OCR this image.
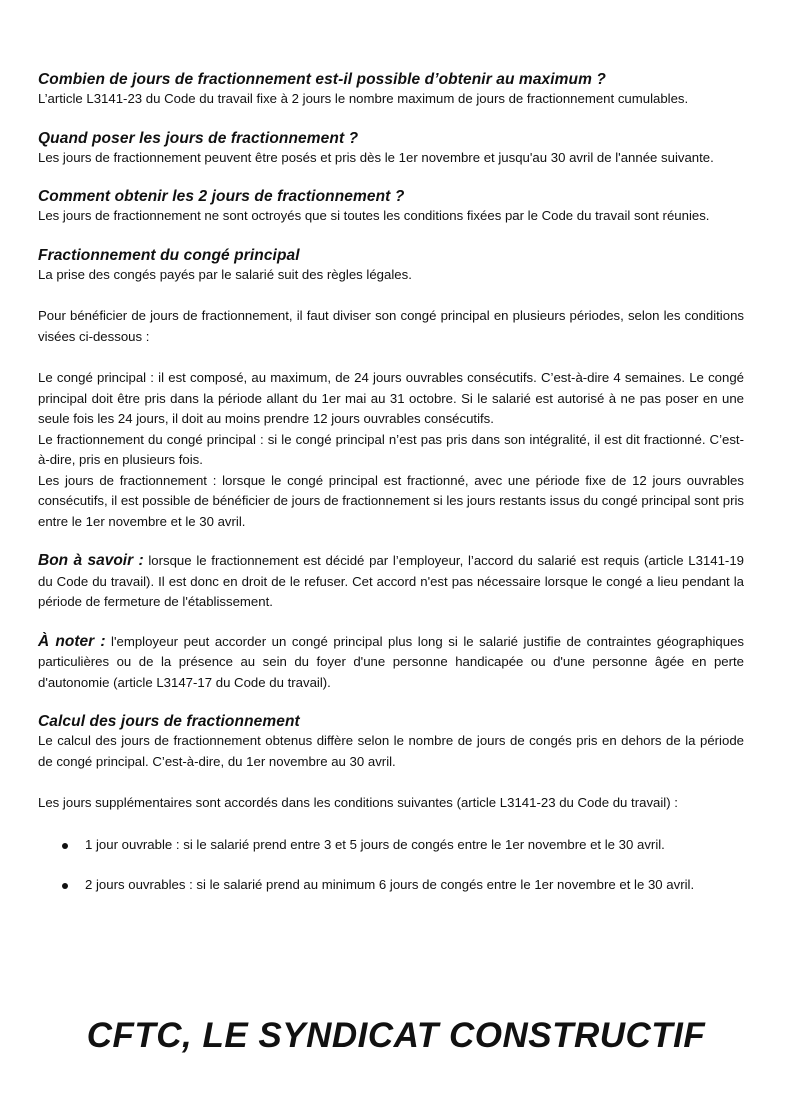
Combien de jours de fractionnement est-il possible d’obtenir au maximum ?

L’article L3141-23 du Code du travail fixe à 2 jours le nombre maximum de jours de fractionnement cumulables.

Quand poser les jours de fractionnement ?

Les jours de fractionnement peuvent être posés et pris dès le 1er novembre et jusqu'au 30 avril de l'année suivante.

Comment obtenir les 2 jours de fractionnement ?

Les jours de fractionnement ne sont octroyés que si toutes les conditions fixées par le Code du travail sont réunies.

Fractionnement du congé principal

La prise des congés payés par le salarié suit des règles légales.

Pour bénéficier de jours de fractionnement, il faut diviser son congé principal en plusieurs périodes, selon les conditions visées ci-dessous :

Le congé principal : il est composé, au maximum, de 24 jours ouvrables consécutifs. C’est-à-dire 4 semaines. Le congé principal doit être pris dans la période allant du 1er mai au 31 octobre. Si le salarié est autorisé à ne pas poser en une seule fois les 24 jours, il doit au moins prendre 12 jours ouvrables consécutifs.

Le fractionnement du congé principal : si le congé principal n’est pas pris dans son intégralité, il est dit fractionné. C’est-à-dire, pris en plusieurs fois.

Les jours de fractionnement : lorsque le congé principal est fractionné, avec une période fixe de 12 jours ouvrables consécutifs, il est possible de bénéficier de jours de fractionnement si les jours restants issus du congé principal sont pris entre le 1er novembre et le 30 avril.

Bon à savoir : lorsque le fractionnement est décidé par l’employeur, l’accord du salarié est requis (article L3141-19 du Code du travail). Il est donc en droit de le refuser. Cet accord n'est pas nécessaire lorsque le congé a lieu pendant la période de fermeture de l'établissement.

À noter : l'employeur peut accorder un congé principal plus long si le salarié justifie de contraintes géographiques particulières ou de la présence au sein du foyer d'une personne handicapée ou d'une personne âgée en perte d'autonomie (article L3147-17 du Code du travail).

Calcul des jours de fractionnement

Le calcul des jours de fractionnement obtenus diffère selon le nombre de jours de congés pris en dehors de la période de congé principal. C’est-à-dire, du 1er novembre au 30 avril.

Les jours supplémentaires sont accordés dans les conditions suivantes (article L3141-23 du Code du travail) :

1 jour ouvrable : si le salarié prend entre 3 et 5 jours de congés entre le 1er novembre et le 30 avril.
2 jours ouvrables : si le salarié prend au minimum 6 jours de congés entre le 1er novembre et le 30 avril.
CFTC, LE SYNDICAT CONSTRUCTIF
